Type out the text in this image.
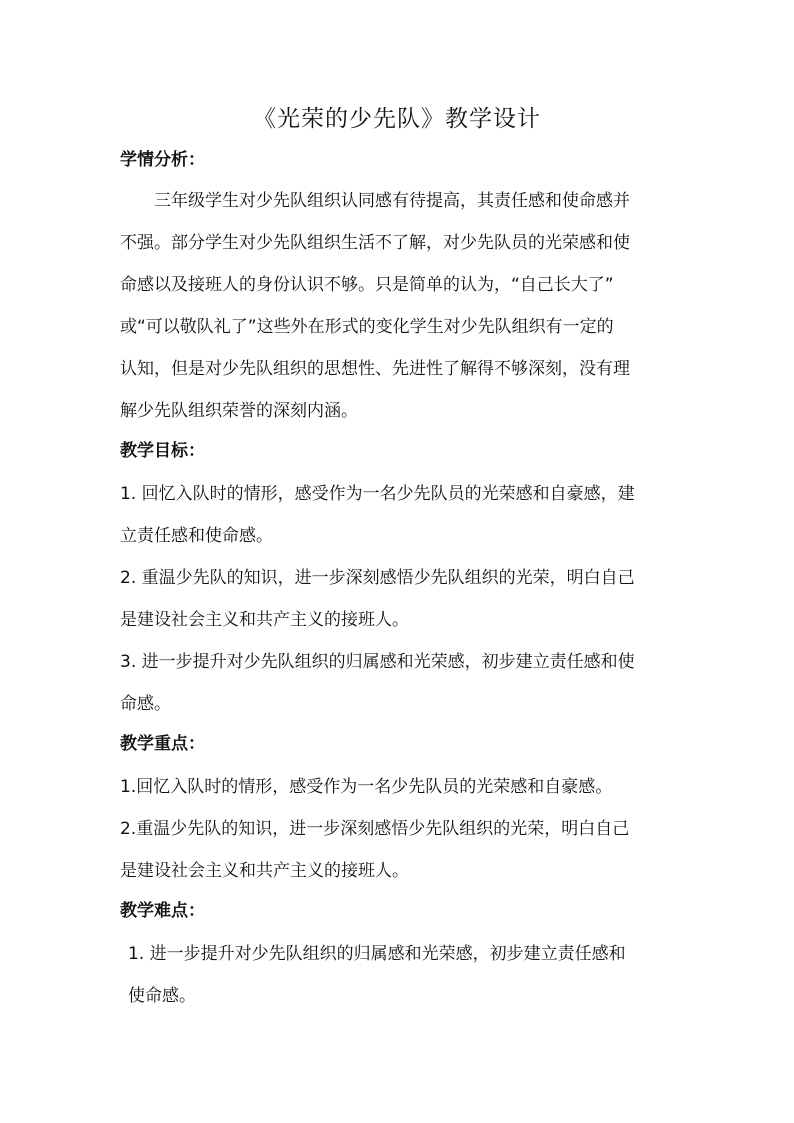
《光荣的少先队》教学设计
学情分析：
三年级学生对少先队组织认同感有待提高，其责任感和使命感并
不强。部分学生对少先队组织生活不了解，对少先队员的光荣感和使
命感以及接班人的身份认识不够。只是简单的认为，“自己长大了”
或“可以敬队礼了”这些外在形式的变化学生对少先队组织有一定的
认知，但是对少先队组织的思想性、先进性了解得不够深刻，没有理
解少先队组织荣誉的深刻内涵。
教学目标：
1. 回忆入队时的情形，感受作为一名少先队员的光荣感和自豪感，建
立责任感和使命感。
2. 重温少先队的知识，进一步深刻感悟少先队组织的光荣，明白自己
是建设社会主义和共产主义的接班人。
3. 进一步提升对少先队组织的归属感和光荣感，初步建立责任感和使
命感。
教学重点：
1.回忆入队时的情形，感受作为一名少先队员的光荣感和自豪感。
2.重温少先队的知识，进一步深刻感悟少先队组织的光荣，明白自己
是建设社会主义和共产主义的接班人。
教学难点：
1. 进一步提升对少先队组织的归属感和光荣感，初步建立责任感和
使命感。
